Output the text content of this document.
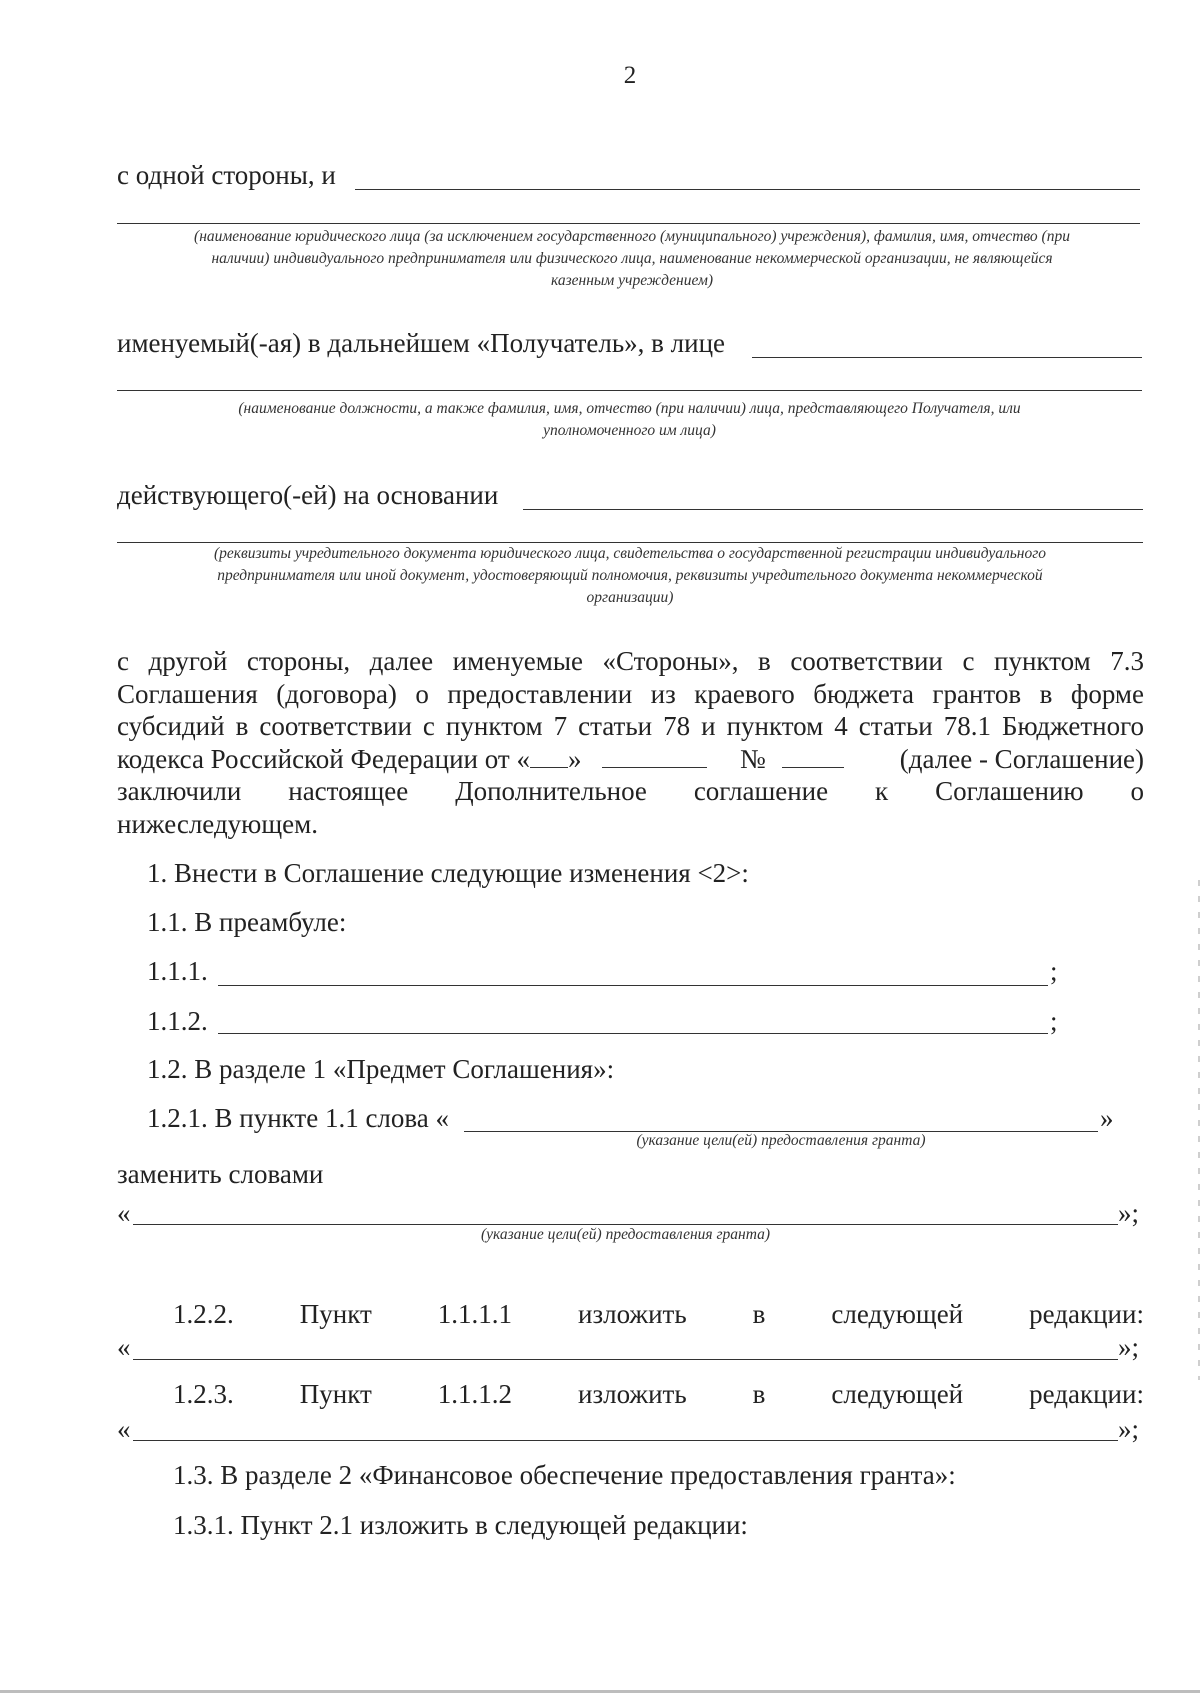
2
с одной стороны, и
(наименование юридического лица (за исключением государственного (муниципального) учреждения), фамилия, имя, отчество (при
наличии) индивидуального предпринимателя или физического лица, наименование некоммерческой организации, не являющейся
казенным учреждением)
именуемый(-ая) в дальнейшем «Получатель», в лице
(наименование должности, а также фамилия, имя, отчество (при наличии) лица, представляющего Получателя, или
уполномоченного им лица)
действующего(-ей) на основании
(реквизиты учредительного документа юридического лица, свидетельства о государственной регистрации индивидуального
предпринимателя или иной документ, удостоверяющий полномочия, реквизиты учредительного документа некоммерческой
организации)
с другой стороны, далее именуемые «Стороны», в соответствии с пунктом 7.3
Соглашения (договора) о предоставлении из краевого бюджета грантов в форме
субсидий в соответствии с пунктом 7 статьи 78 и пунктом 4 статьи 78.1 Бюджетного
кодекса Российской Федерации от « »	№	(далее - Соглашение)
заключили настоящее Дополнительное соглашение к Соглашению о
нижеследующем.
1. Внести в Соглашение следующие изменения <2>:
1.1. В преамбуле:
1.1.1.	;
1.1.2.	;
1.2. В разделе 1 «Предмет Соглашения»:
1.2.1. В пункте 1.1 слова «	»
(указание цели(ей) предоставления гранта)
заменить словами
«	»;
(указание цели(ей) предоставления гранта)
1.2.2. Пункт 1.1.1.1 изложить в следующей редакции:
«	»;
1.2.3. Пункт 1.1.1.2 изложить в следующей редакции:
«	»;
1.3. В разделе 2 «Финансовое обеспечение предоставления гранта»:
1.3.1. Пункт 2.1 изложить в следующей редакции:
